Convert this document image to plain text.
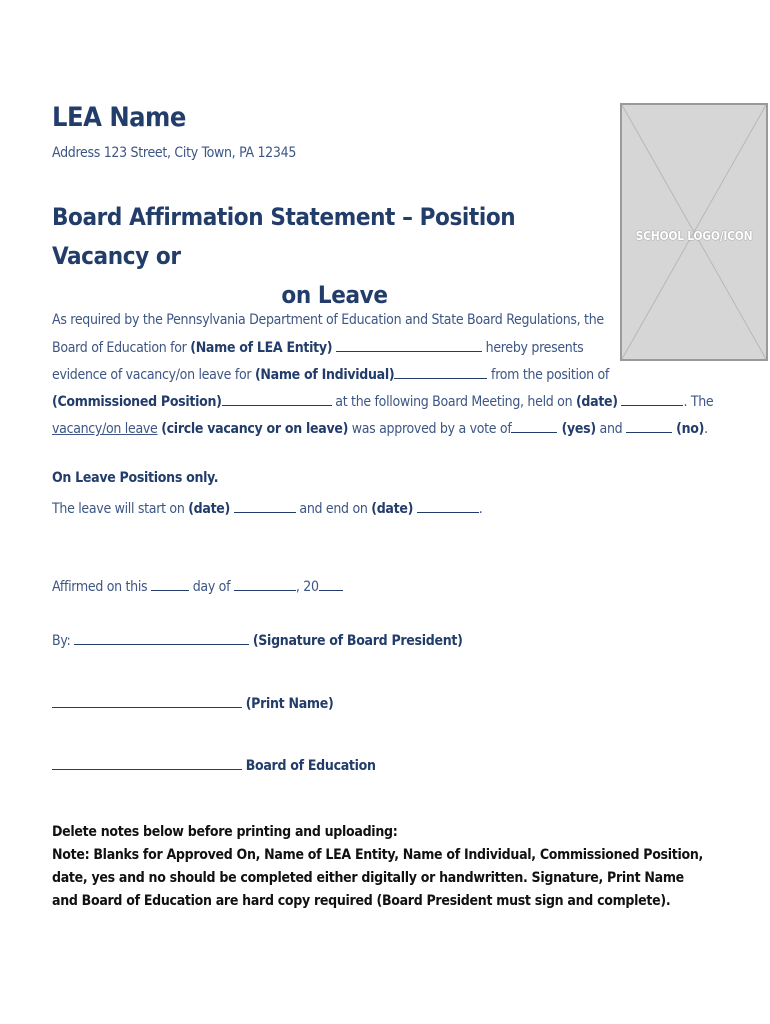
LEA Name
Address 123 Street, City Town, PA 12345
Board Affirmation Statement – Position Vacancy or
on Leave
SCHOOL LOGO/ICON
As required by the Pennsylvania Department of Education and State Board Regulations, the
Board of Education for (Name of LEA Entity)	hereby presents
evidence of vacancy/on leave for (Name of Individual)	from the position of
(Commissioned Position)	at the following Board Meeting, held on (date)	. The
vacancy/on leave (circle vacancy or on leave) was approved by a vote of	(yes) and	(no).
On Leave Positions only.
The leave will start on (date)	and end on (date)	.
Affirmed on this	day of	, 20
By:	(Signature of Board President)
(Print Name)
Board of Education
Delete notes below before printing and uploading:
Note: Blanks for Approved On, Name of LEA Entity, Name of Individual, Commissioned Position, date, yes and no should be completed either digitally or handwritten. Signature, Print Name and Board of Education are hard copy required (Board President must sign and complete).
